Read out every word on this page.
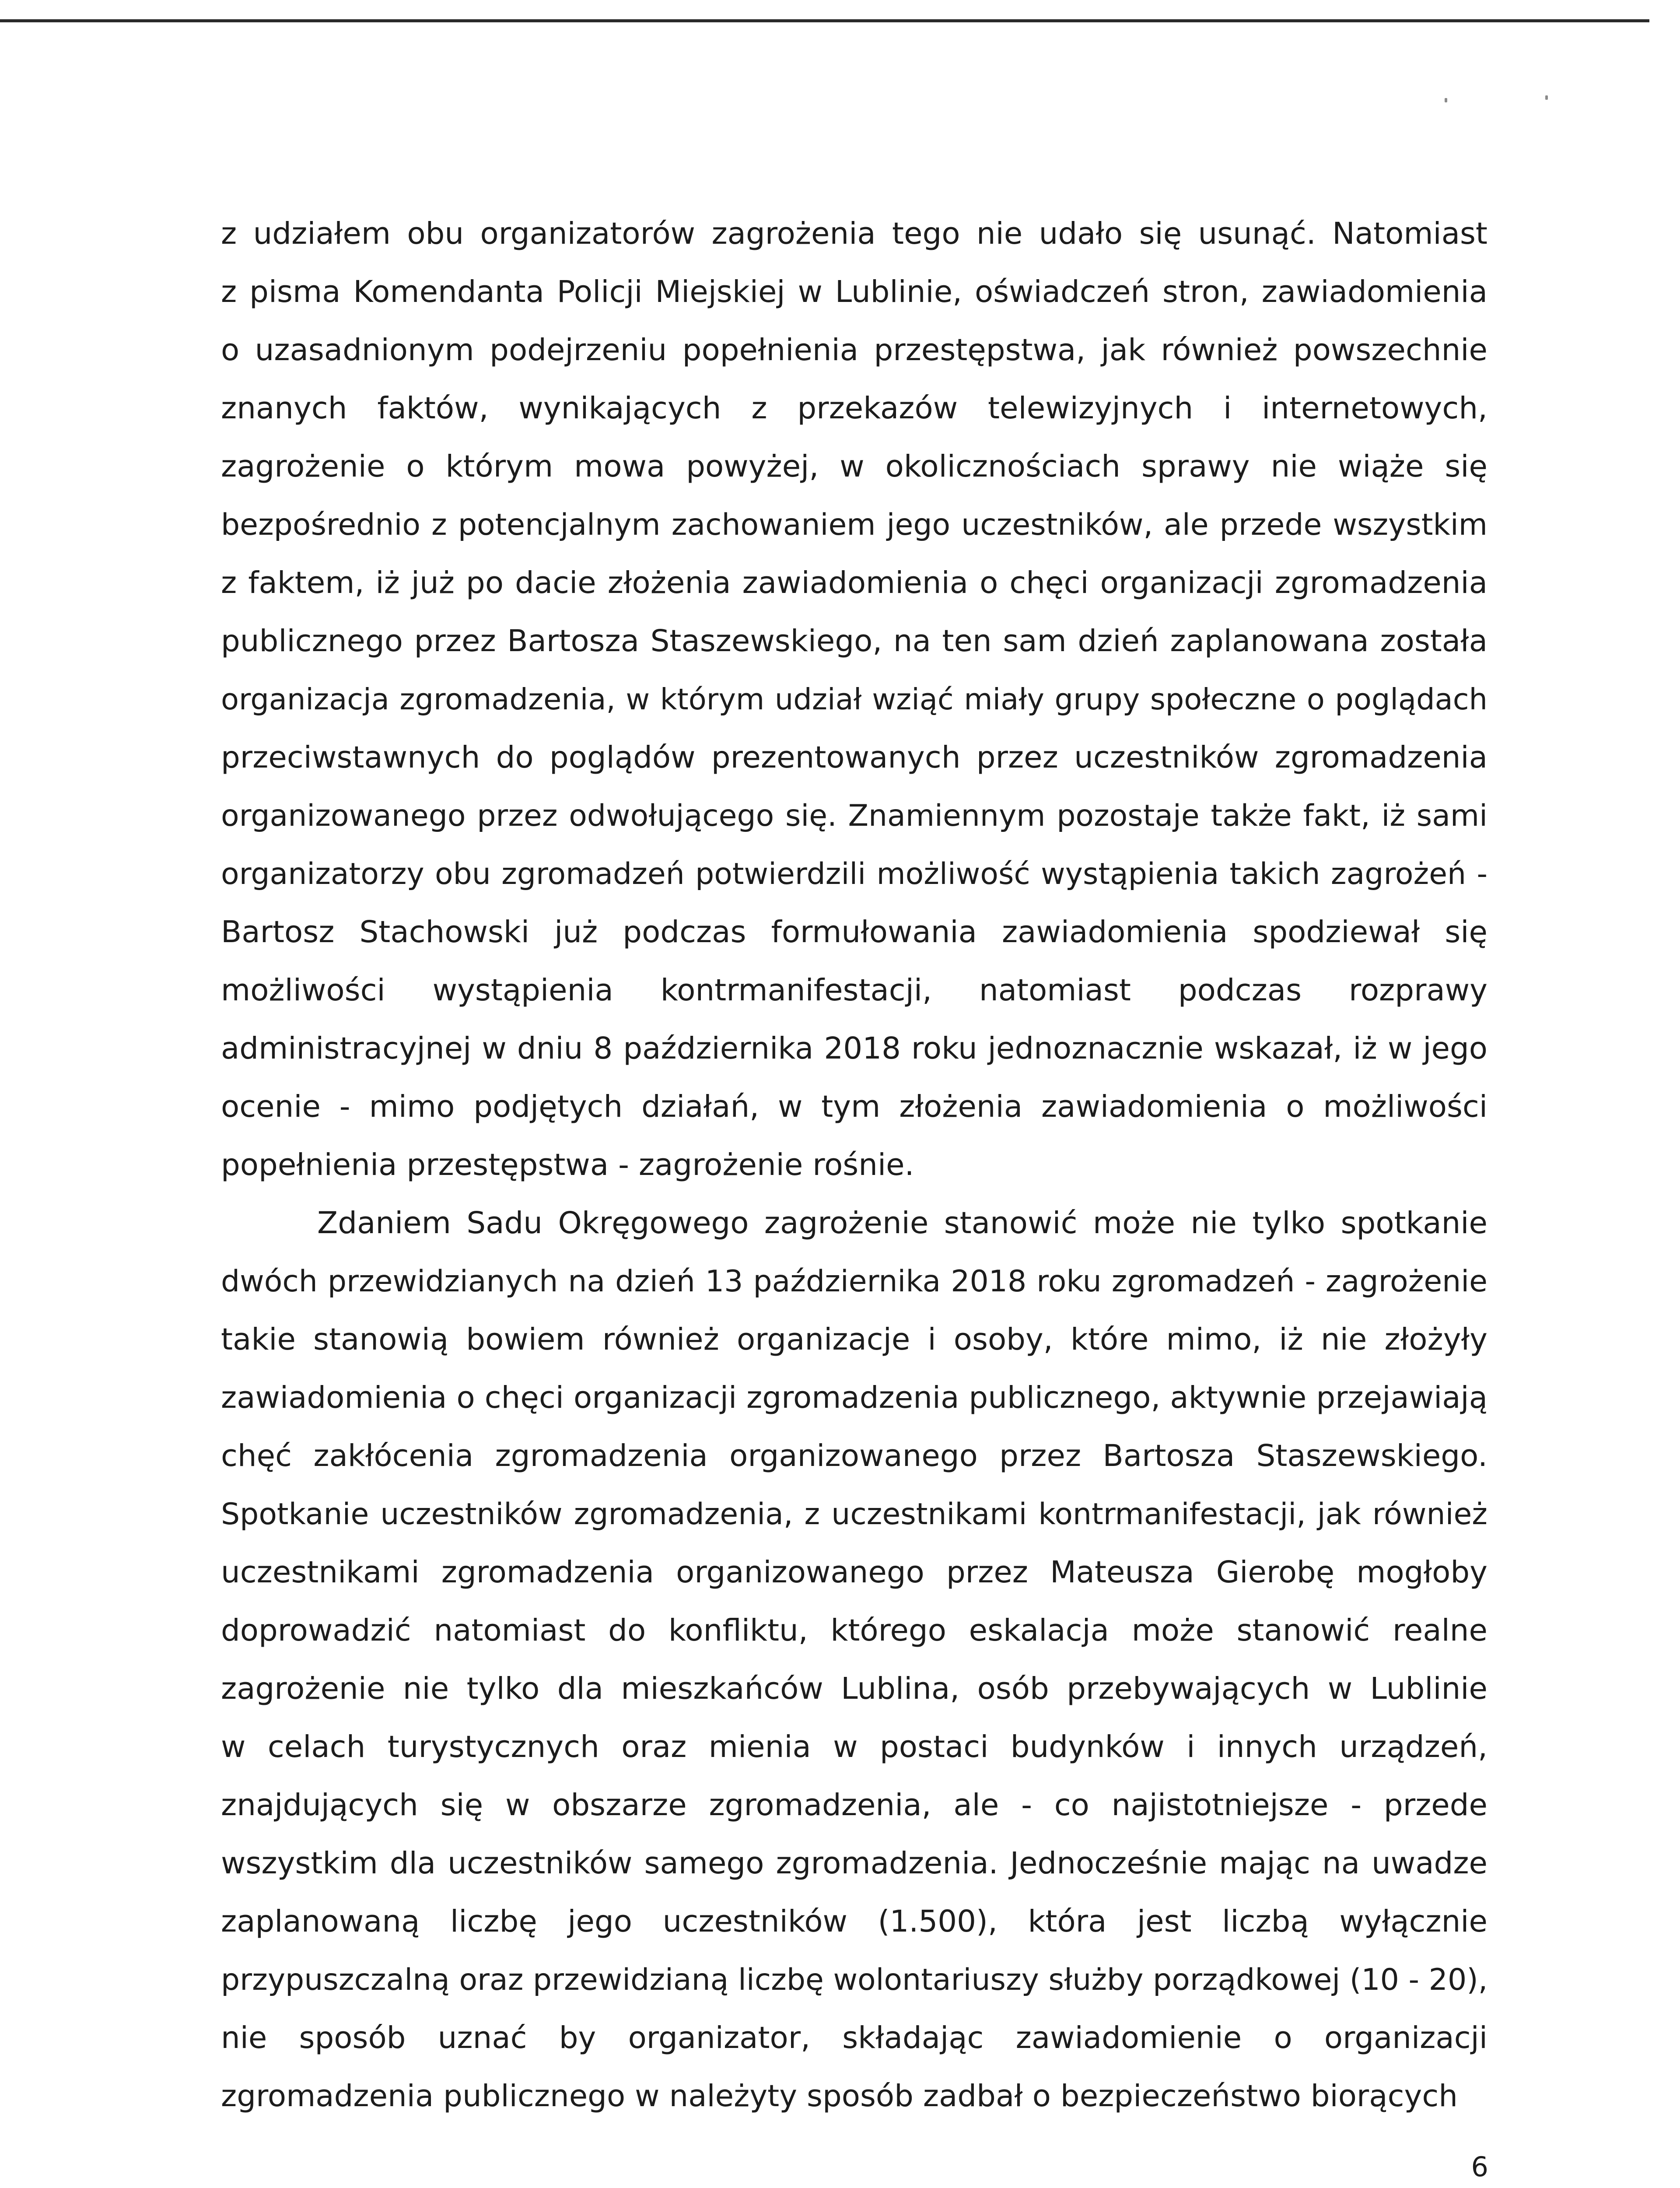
z udziałem obu organizatorów zagrożenia tego nie udało się usunąć. Natomiast
z pisma Komendanta Policji Miejskiej w Lublinie, oświadczeń stron, zawiadomienia
o uzasadnionym podejrzeniu popełnienia przestępstwa, jak również powszechnie
znanych faktów, wynikających z przekazów telewizyjnych i internetowych,
zagrożenie o którym mowa powyżej, w okolicznościach sprawy nie wiąże się
bezpośrednio z potencjalnym zachowaniem jego uczestników, ale przede wszystkim
z faktem, iż już po dacie złożenia zawiadomienia o chęci organizacji zgromadzenia
publicznego przez Bartosza Staszewskiego, na ten sam dzień zaplanowana została
organizacja zgromadzenia, w którym udział wziąć miały grupy społeczne o poglądach
przeciwstawnych do poglądów prezentowanych przez uczestników zgromadzenia
organizowanego przez odwołującego się. Znamiennym pozostaje także fakt, iż sami
organizatorzy obu zgromadzeń potwierdzili możliwość wystąpienia takich zagrożeń -
Bartosz Stachowski już podczas formułowania zawiadomienia spodziewał się
możliwości wystąpienia kontrmanifestacji, natomiast podczas rozprawy
administracyjnej w dniu 8 października 2018 roku jednoznacznie wskazał, iż w jego
ocenie - mimo podjętych działań, w tym złożenia zawiadomienia o możliwości
popełnienia przestępstwa - zagrożenie rośnie.
Zdaniem Sadu Okręgowego zagrożenie stanowić może nie tylko spotkanie
dwóch przewidzianych na dzień 13 października 2018 roku zgromadzeń - zagrożenie
takie stanowią bowiem również organizacje i osoby, które mimo, iż nie złożyły
zawiadomienia o chęci organizacji zgromadzenia publicznego, aktywnie przejawiają
chęć zakłócenia zgromadzenia organizowanego przez Bartosza Staszewskiego.
Spotkanie uczestników zgromadzenia, z uczestnikami kontrmanifestacji, jak również
uczestnikami zgromadzenia organizowanego przez Mateusza Gierobę mogłoby
doprowadzić natomiast do konfliktu, którego eskalacja może stanowić realne
zagrożenie nie tylko dla mieszkańców Lublina, osób przebywających w Lublinie
w celach turystycznych oraz mienia w postaci budynków i innych urządzeń,
znajdujących się w obszarze zgromadzenia, ale - co najistotniejsze - przede
wszystkim dla uczestników samego zgromadzenia. Jednocześnie mając na uwadze
zaplanowaną liczbę jego uczestników (1.500), która jest liczbą wyłącznie
przypuszczalną oraz przewidzianą liczbę wolontariuszy służby porządkowej (10 - 20),
nie sposób uznać by organizator, składając zawiadomienie o organizacji
zgromadzenia publicznego w należyty sposób zadbał o bezpieczeństwo biorących
6
